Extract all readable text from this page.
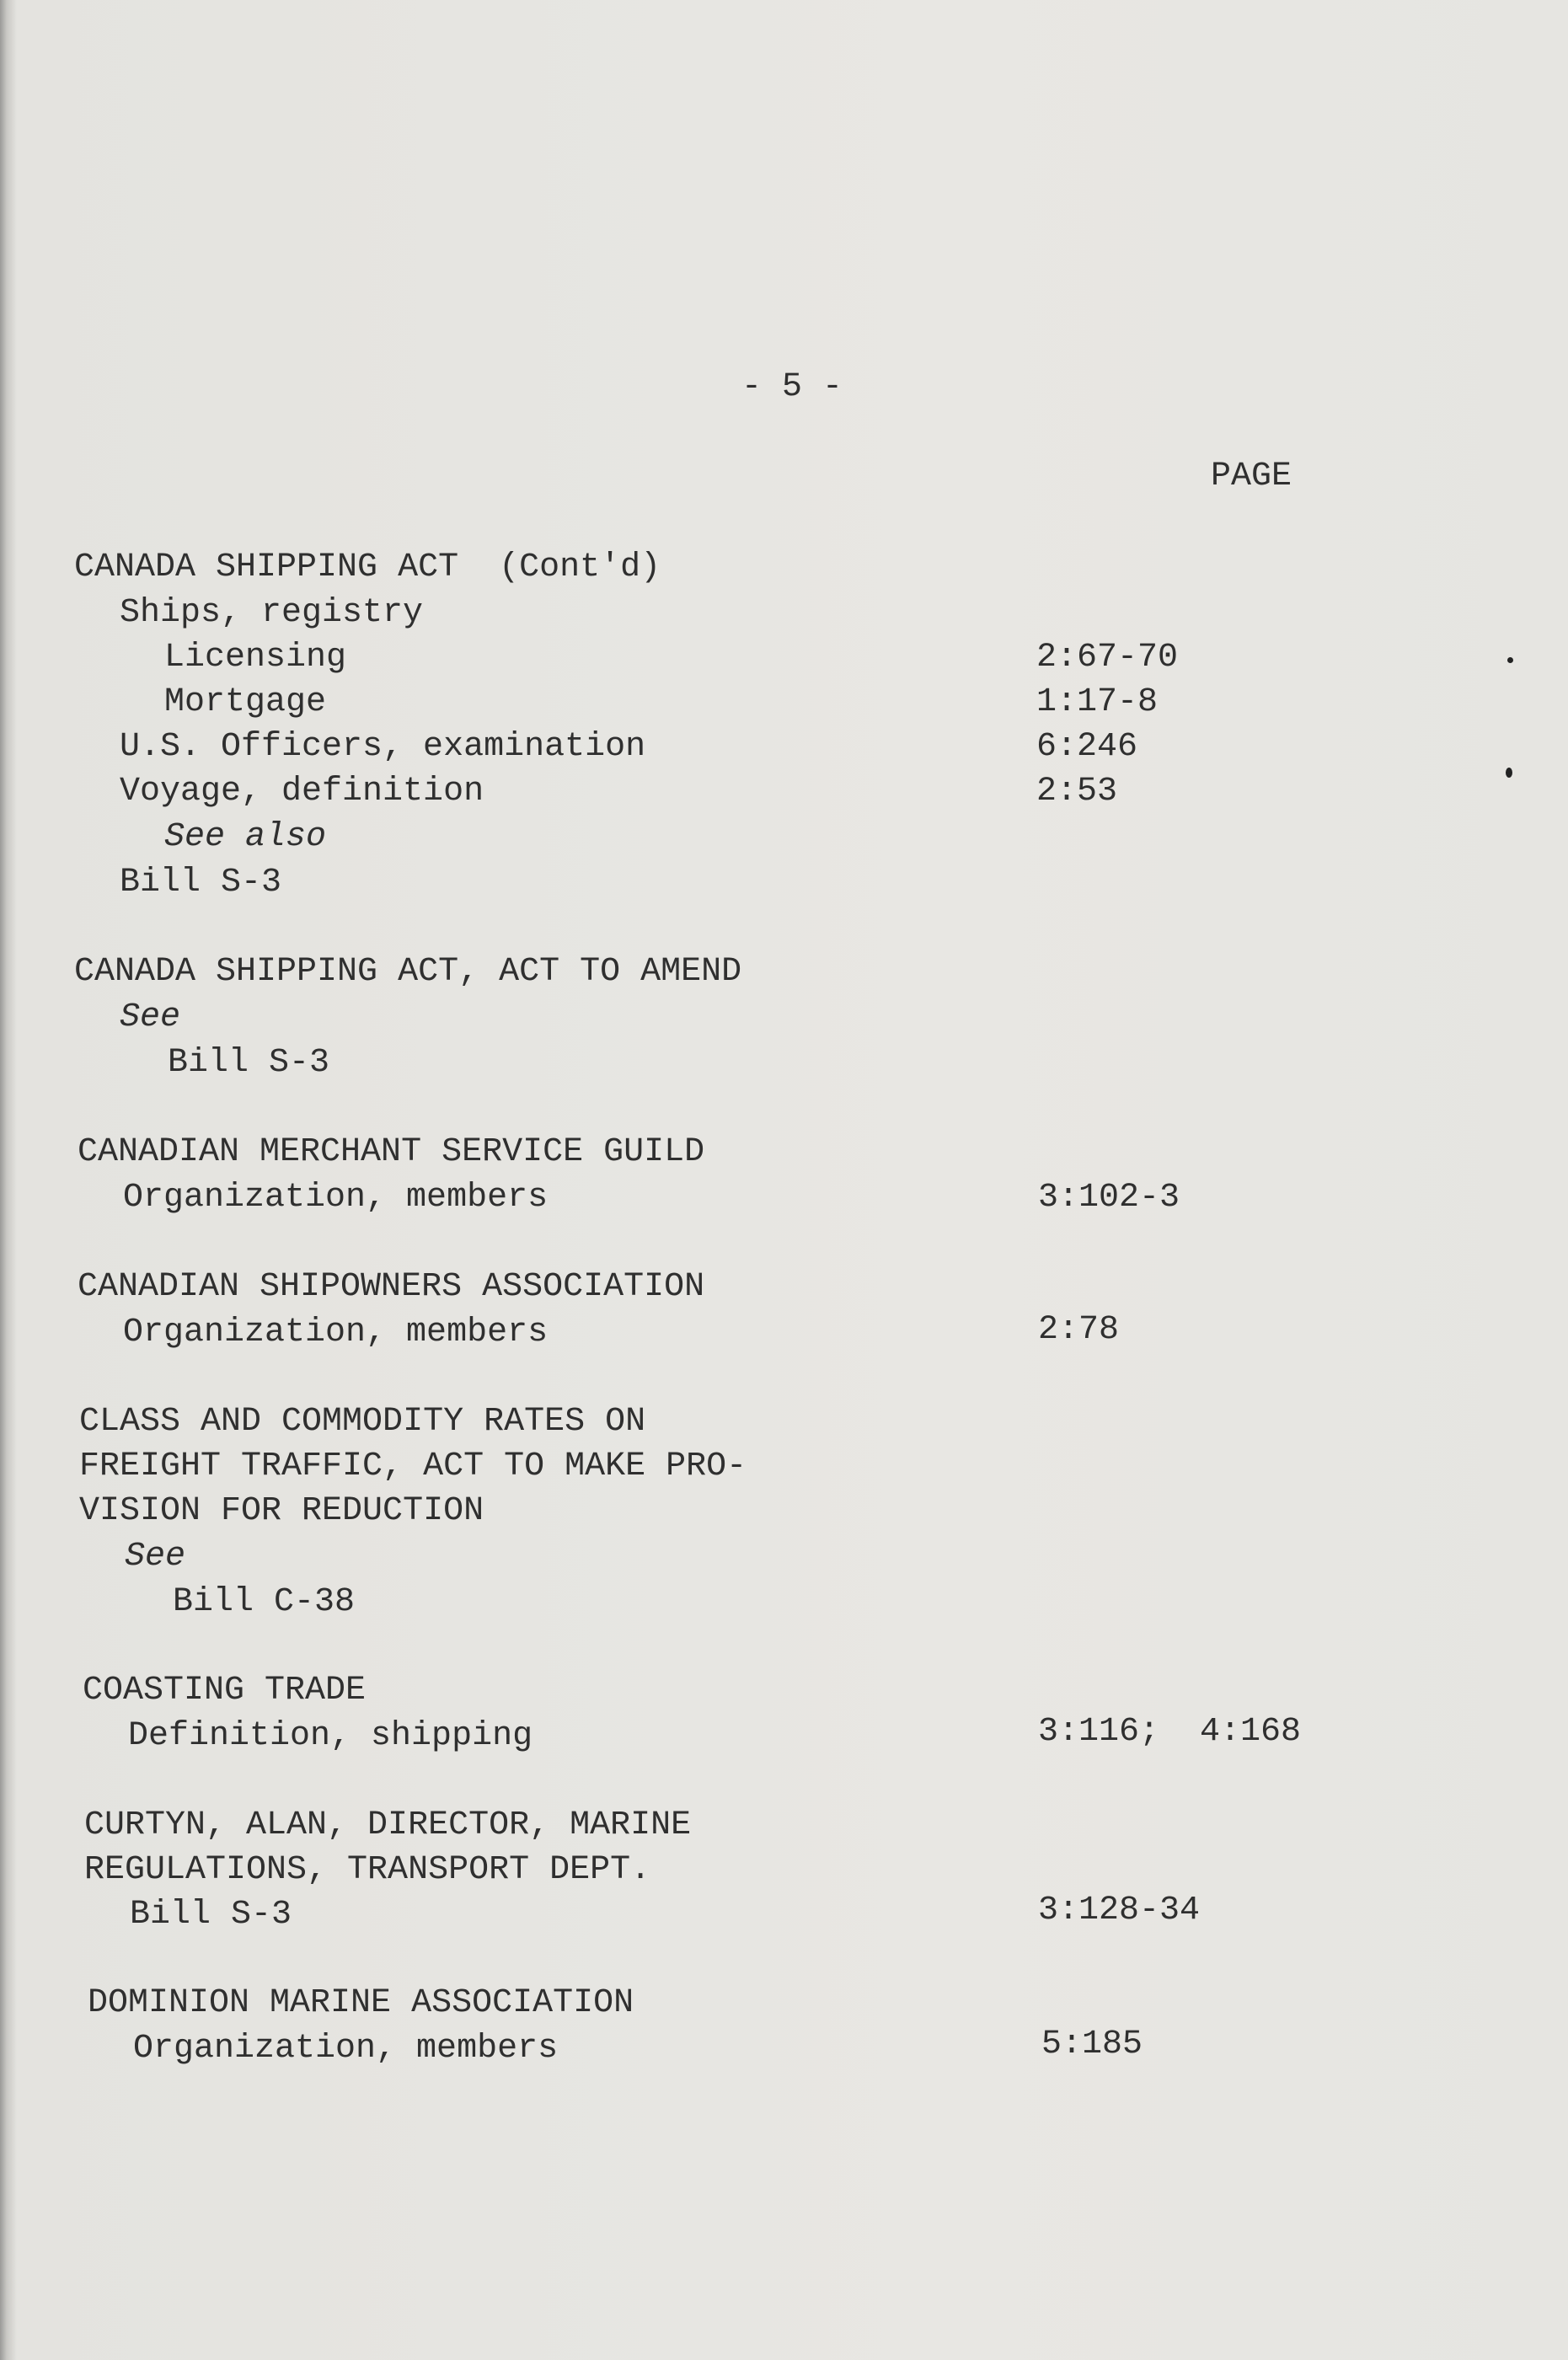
- 5 -
PAGE
CANADA SHIPPING ACT  (Cont'd)
Ships, registry
Licensing	2:67-70
Mortgage	1:17-8
U.S. Officers, examination	6:246
Voyage, definition	2:53
See also
Bill S-3
CANADA SHIPPING ACT, ACT TO AMEND
See
Bill S-3
CANADIAN MERCHANT SERVICE GUILD
Organization, members	3:102-3
CANADIAN SHIPOWNERS ASSOCIATION
Organization, members	2:78
CLASS AND COMMODITY RATES ON
FREIGHT TRAFFIC, ACT TO MAKE PRO-
VISION FOR REDUCTION
See
Bill C-38
COASTING TRADE
Definition, shipping	3:116;  4:168
CURTYN, ALAN, DIRECTOR, MARINE
REGULATIONS, TRANSPORT DEPT.
Bill S-3	3:128-34
DOMINION MARINE ASSOCIATION
Organization, members	5:185
